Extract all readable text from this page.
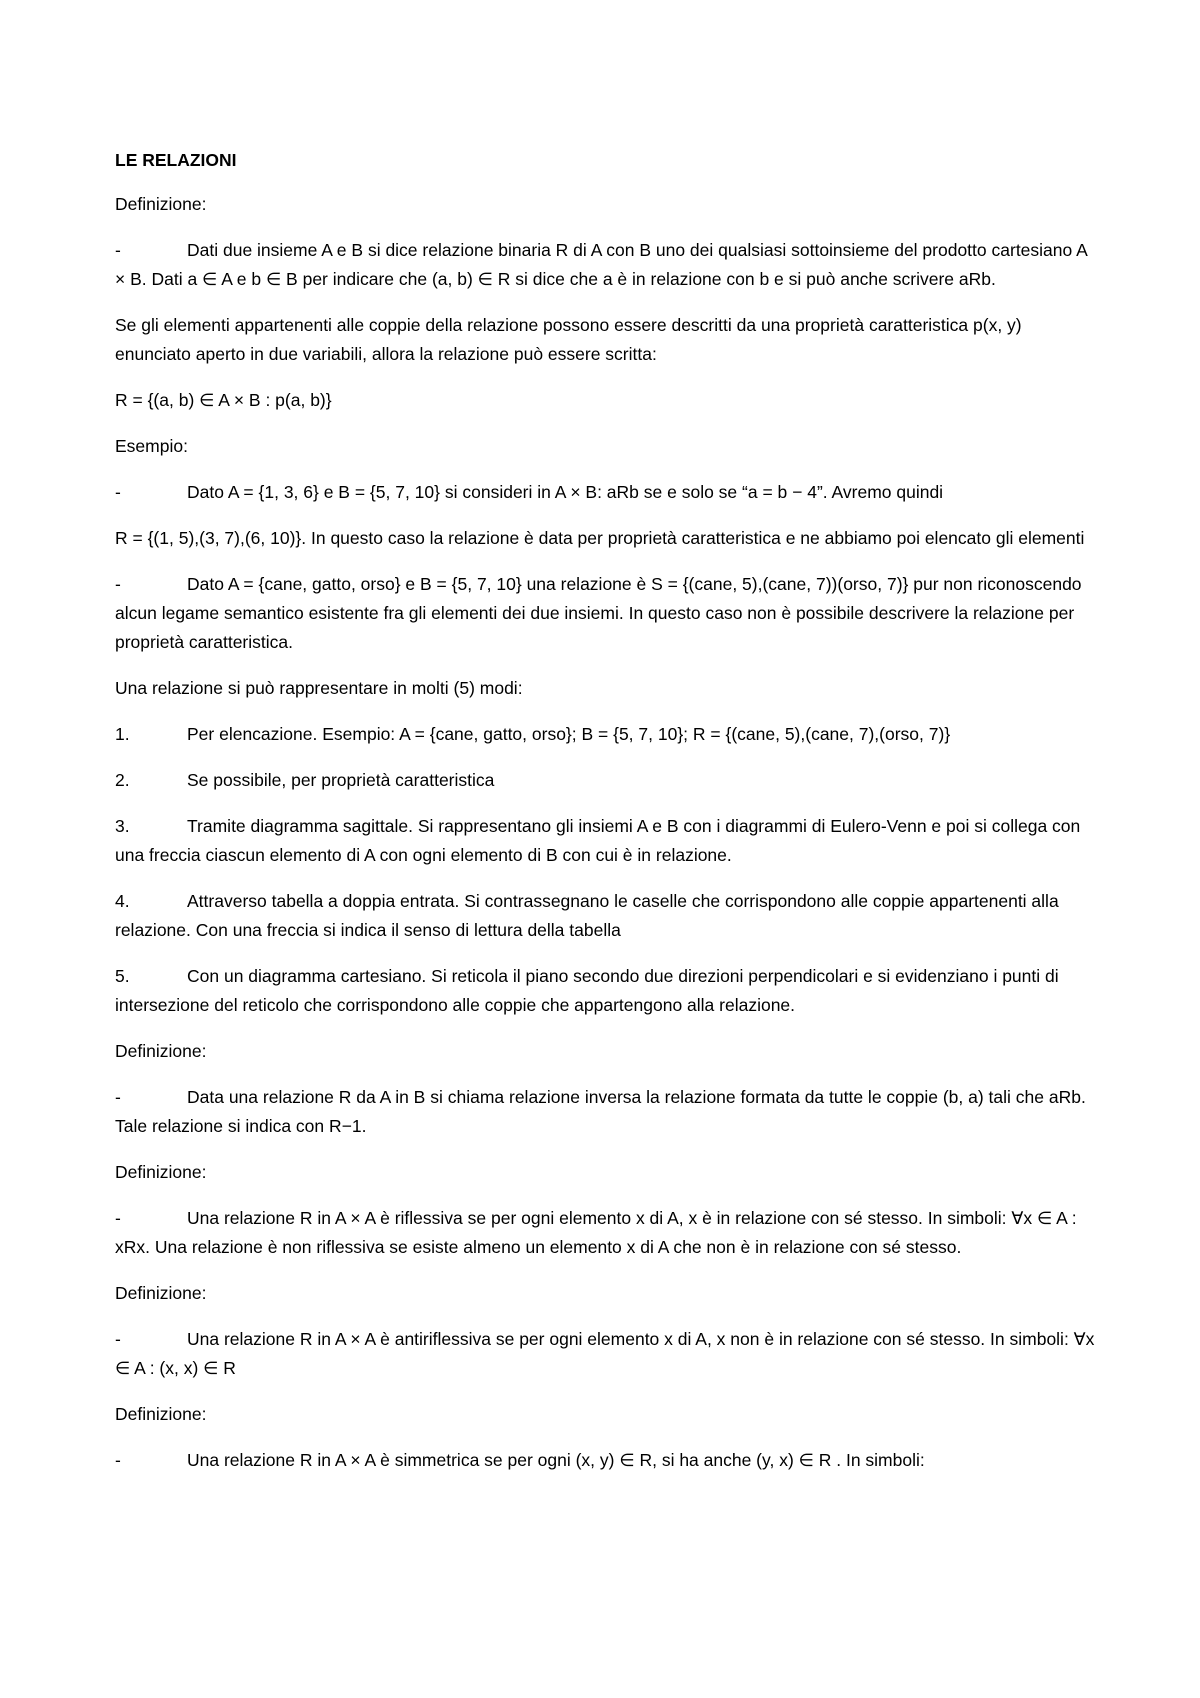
LE RELAZIONI

Definizione:

-	Dati due insieme A e B si dice relazione binaria R di A con B uno dei qualsiasi sottoinsieme del prodotto cartesiano A × B. Dati a ∈ A e b ∈ B per indicare che (a, b) ∈ R si dice che a è in relazione con b e si può anche scrivere aRb.

Se gli elementi appartenenti alle coppie della relazione possono essere descritti da una proprietà caratteristica p(x, y) enunciato aperto in due variabili, allora la relazione può essere scritta:

R = {(a, b) ∈ A × B : p(a, b)}

Esempio:

-	Dato A = {1, 3, 6} e B = {5, 7, 10} si consideri in A × B: aRb se e solo se “a = b − 4”. Avremo quindi

R = {(1, 5),(3, 7),(6, 10)}. In questo caso la relazione è data per proprietà caratteristica e ne abbiamo poi elencato gli elementi

-	Dato A = {cane, gatto, orso} e B = {5, 7, 10} una relazione è S = {(cane, 5),(cane, 7))(orso, 7)} pur non riconoscendo alcun legame semantico esistente fra gli elementi dei due insiemi. In questo caso non è possibile descrivere la relazione per proprietà caratteristica.

Una relazione si può rappresentare in molti (5) modi:

1.	Per elencazione. Esempio: A = {cane, gatto, orso}; B = {5, 7, 10}; R = {(cane, 5),(cane, 7),(orso, 7)}

2.	Se possibile, per proprietà caratteristica

3.	Tramite diagramma sagittale. Si rappresentano gli insiemi A e B con i diagrammi di Eulero-Venn e poi si collega con una freccia ciascun elemento di A con ogni elemento di B con cui è in relazione.

4.	Attraverso tabella a doppia entrata. Si contrassegnano le caselle che corrispondono alle coppie appartenenti alla relazione. Con una freccia si indica il senso di lettura della tabella

5.	Con un diagramma cartesiano. Si reticola il piano secondo due direzioni perpendicolari e si evidenziano i punti di intersezione del reticolo che corrispondono alle coppie che appartengono alla relazione.

Definizione:

-	Data una relazione R da A in B si chiama relazione inversa la relazione formata da tutte le coppie (b, a) tali che aRb. Tale relazione si indica con R−1.

Definizione:

-	Una relazione R in A × A è riflessiva se per ogni elemento x di A, x è in relazione con sé stesso. In simboli: ∀x ∈ A : xRx. Una relazione è non riflessiva se esiste almeno un elemento x di A che non è in relazione con sé stesso.

Definizione:

-	Una relazione R in A × A è antiriflessiva se per ogni elemento x di A, x non è in relazione con sé stesso. In simboli: ∀x ∈ A : (x, x) ∈ R

Definizione:

-	Una relazione R in A × A è simmetrica se per ogni (x, y) ∈ R, si ha anche (y, x) ∈ R . In simboli:
